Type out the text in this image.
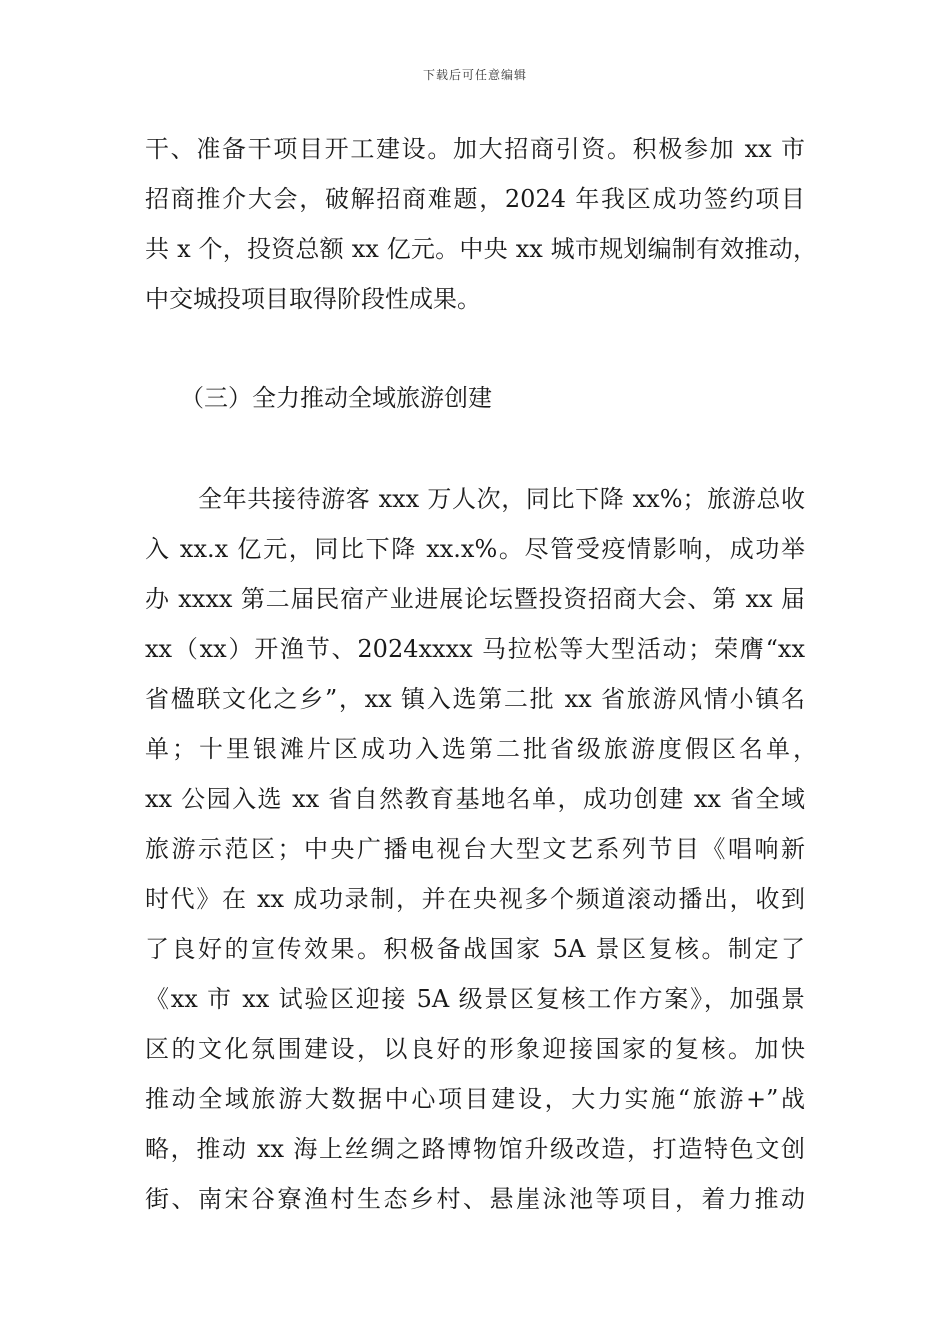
下载后可任意编辑
干、准备干项目开工建设。加大招商引资。积极参加 xx 市
招商推介大会，破解招商难题，2024 年我区成功签约项目
共 x 个，投资总额 xx 亿元。中央 xx 城市规划编制有效推动，
中交城投项目取得阶段性成果。
（三）全力推动全域旅游创建
全年共接待游客 xxx 万人次，同比下降 xx%；旅游总收
入 xx.x 亿元，同比下降 xx.x%。尽管受疫情影响，成功举
办 xxxx 第二届民宿产业进展论坛暨投资招商大会、第 xx 届
xx（xx）开渔节、2024xxxx 马拉松等大型活动；荣膺“xx
省楹联文化之乡”，xx 镇入选第二批 xx 省旅游风情小镇名
单；十里银滩片区成功入选第二批省级旅游度假区名单，
xx 公园入选 xx 省自然教育基地名单，成功创建 xx 省全域
旅游示范区；中央广播电视台大型文艺系列节目《唱响新
时代》在 xx 成功录制，并在央视多个频道滚动播出，收到
了良好的宣传效果。积极备战国家 5A 景区复核。制定了
《xx 市 xx 试验区迎接 5A 级景区复核工作方案》，加强景
区的文化氛围建设，以良好的形象迎接国家的复核。加快
推动全域旅游大数据中心项目建设，大力实施“旅游+”战
略，推动 xx 海上丝绸之路博物馆升级改造，打造特色文创
街、南宋谷寮渔村生态乡村、悬崖泳池等项目，着力推动
